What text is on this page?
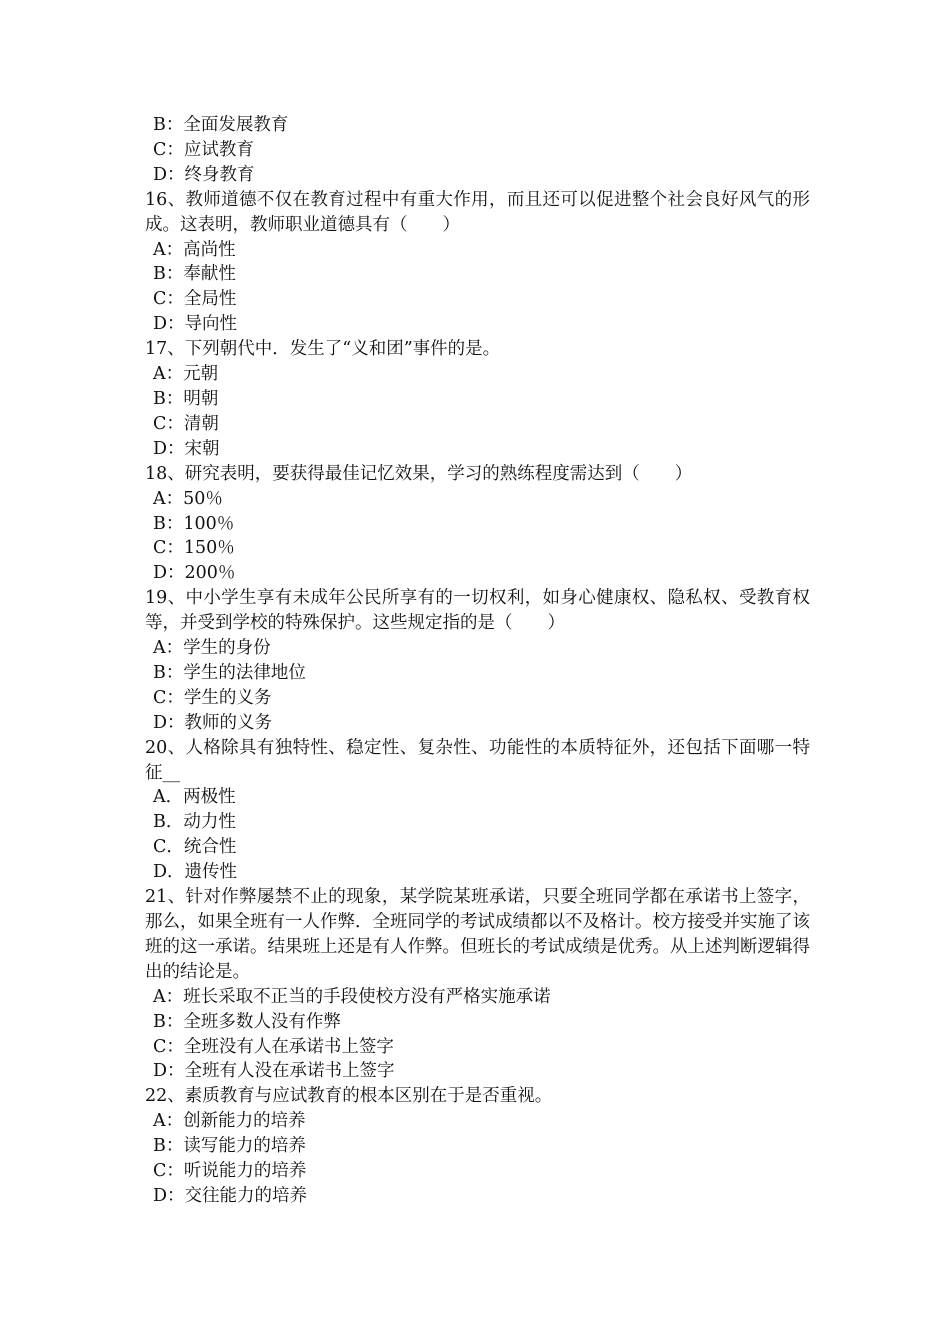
B：全面发展教育

C：应试教育

D：终身教育

16、教师道德不仅在教育过程中有重大作用，而且还可以促进整个社会良好风气的形成。这表明，教师职业道德具有（　　）

A：高尚性

B：奉献性

C：全局性

D：导向性

17、下列朝代中．发生了“义和团”事件的是。

A：元朝

B：明朝

C：清朝

D：宋朝

18、研究表明，要获得最佳记忆效果，学习的熟练程度需达到（　　）

A：50％

B：100％

C：150％

D：200％

19、中小学生享有未成年公民所享有的一切权利，如身心健康权、隐私权、受教育权等，并受到学校的特殊保护。这些规定指的是（　　）

A：学生的身份

B：学生的法律地位

C：学生的义务

D：教师的义务

20、人格除具有独特性、稳定性、复杂性、功能性的本质特征外，还包括下面哪一特征__

A．两极性

B．动力性

C．统合性

D．遗传性

21、针对作弊屡禁不止的现象，某学院某班承诺，只要全班同学都在承诺书上签字，那么，如果全班有一人作弊．全班同学的考试成绩都以不及格计。校方接受并实施了该班的这一承诺。结果班上还是有人作弊。但班长的考试成绩是优秀。从上述判断逻辑得出的结论是。

A：班长采取不正当的手段使校方没有严格实施承诺

B：全班多数人没有作弊

C：全班没有人在承诺书上签字

D：全班有人没在承诺书上签字

22、素质教育与应试教育的根本区别在于是否重视。

A：创新能力的培养

B：读写能力的培养

C：听说能力的培养

D：交往能力的培养
